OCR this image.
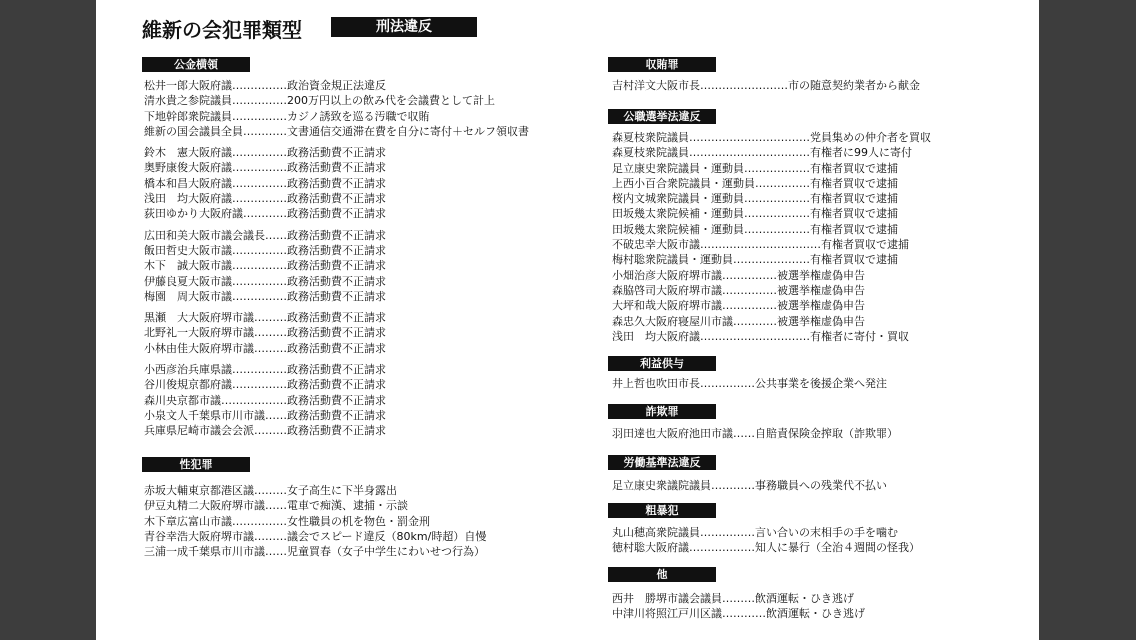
維新の会犯罪類型	刑法違反
公金横領
松井一郎大阪府議……………政治資金規正法違反
清水貴之参院議員……………200万円以上の飲み代を会議費として計上
下地幹郎衆院議員……………カジノ誘致を巡る汚職で収賄
維新の国会議員全員…………文書通信交通滞在費を自分に寄付＋セルフ領収書
鈴木　憲大阪府議……………政務活動費不正請求
奥野康俊大阪府議……………政務活動費不正請求
橋本和昌大阪府議……………政務活動費不正請求
浅田　均大阪府議……………政務活動費不正請求
荻田ゆかり大阪府議…………政務活動費不正請求
広田和美大阪市議会議長……政務活動費不正請求
飯田哲史大阪市議……………政務活動費不正請求
木下　誠大阪市議……………政務活動費不正請求
伊藤良夏大阪市議……………政務活動費不正請求
梅園　周大阪市議……………政務活動費不正請求
黒瀬　大大阪府堺市議………政務活動費不正請求
北野礼一大阪府堺市議………政務活動費不正請求
小林由佳大阪府堺市議………政務活動費不正請求
小西彦治兵庫県議……………政務活動費不正請求
谷川俊規京都府議……………政務活動費不正請求
森川央京都市議………………政務活動費不正請求
小泉文人千葉県市川市議……政務活動費不正請求
兵庫県尼崎市議会会派………政務活動費不正請求
性犯罪
赤坂大輔東京都港区議………女子高生に下半身露出
伊豆丸精二大阪府堺市議……電車で痴漢、逮捕・示談
木下章広富山市議……………女性職員の机を物色・罰金刑
青谷幸浩大阪府堺市議………議会でスピード違反（80km/時超）自慢
三浦一成千葉県市川市議……児童買春（女子中学生にわいせつ行為）
収賄罪
吉村洋文大阪市長……………………市の随意契約業者から献金
公職選挙法違反
森夏枝衆院議員……………………………党員集めの仲介者を買収
森夏枝衆院議員……………………………有権者に99人に寄付
足立康史衆院議員・運動員………………有権者買収で逮捕
上西小百合衆院議員・運動員……………有権者買収で逮捕
桜内文城衆院議員・運動員………………有権者買収で逮捕
田坂幾太衆院候補・運動員………………有権者買収で逮捕
田坂幾太衆院候補・運動員………………有権者買収で逮捕
不破忠幸大阪市議……………………………有権者買収で逮捕
梅村聡衆院議員・運動員…………………有権者買収で逮捕
小畑治彦大阪府堺市議……………被選挙権虚偽申告
森脇啓司大阪府堺市議……………被選挙権虚偽申告
大坪和哉大阪府堺市議……………被選挙権虚偽申告
森忠久大阪府寝屋川市議…………被選挙権虚偽申告
浅田　均大阪府議…………………………有権者に寄付・買収
利益供与
井上哲也吹田市長……………公共事業を後援企業へ発注
詐欺罪
羽田達也大阪府池田市議……自賠責保険金搾取（詐欺罪）
労働基準法違反
足立康史衆議院議員…………事務職員への残業代不払い
粗暴犯
丸山穂高衆院議員……………言い合いの末相手の手を噛む
徳村聡大阪府議………………知人に暴行（全治４週間の怪我）
他
西井　勝堺市議会議員………飲酒運転・ひき逃げ
中津川将照江戸川区議…………飲酒運転・ひき逃げ
